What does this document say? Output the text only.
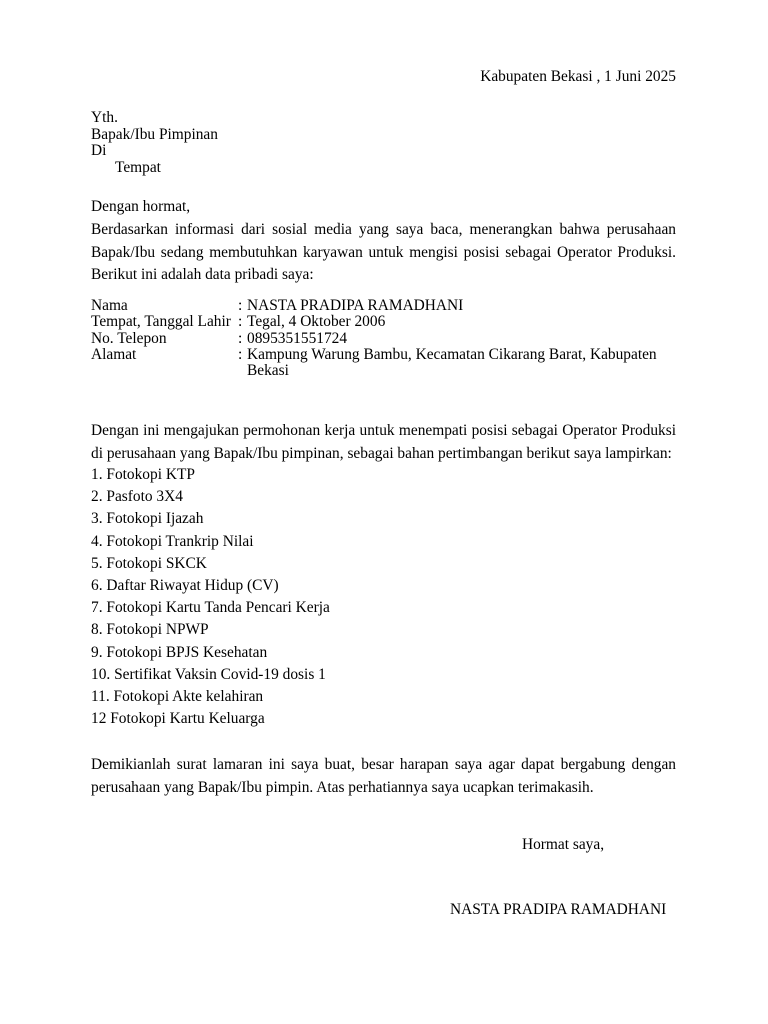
Kabupaten Bekasi , 1 Juni 2025
Yth.
Bapak/Ibu Pimpinan
Di
Tempat
Dengan hormat,
Berdasarkan informasi dari sosial media yang saya baca, menerangkan bahwa perusahaan Bapak/Ibu sedang membutuhkan karyawan untuk mengisi posisi sebagai Operator Produksi. Berikut ini adalah data pribadi saya:
Nama	: NASTA PRADIPA RAMADHANI
Tempat, Tanggal Lahir : Tegal, 4 Oktober 2006
No. Telepon	: 0895351551724
Alamat	: Kampung Warung Bambu, Kecamatan Cikarang Barat, Kabupaten Bekasi
Dengan ini mengajukan permohonan kerja untuk menempati posisi sebagai Operator Produksi di perusahaan yang Bapak/Ibu pimpinan, sebagai bahan pertimbangan berikut saya lampirkan:
1. Fotokopi KTP
2. Pasfoto 3X4
3. Fotokopi Ijazah
4. Fotokopi Trankrip Nilai
5. Fotokopi SKCK
6. Daftar Riwayat Hidup (CV)
7. Fotokopi Kartu Tanda Pencari Kerja
8. Fotokopi NPWP
9. Fotokopi BPJS Kesehatan
10. Sertifikat Vaksin Covid-19 dosis 1
11. Fotokopi Akte kelahiran
12 Fotokopi Kartu Keluarga
Demikianlah surat lamaran ini saya buat, besar harapan saya agar dapat bergabung dengan perusahaan yang Bapak/Ibu pimpin. Atas perhatiannya saya ucapkan terimakasih.
Hormat saya,
NASTA PRADIPA RAMADHANI
